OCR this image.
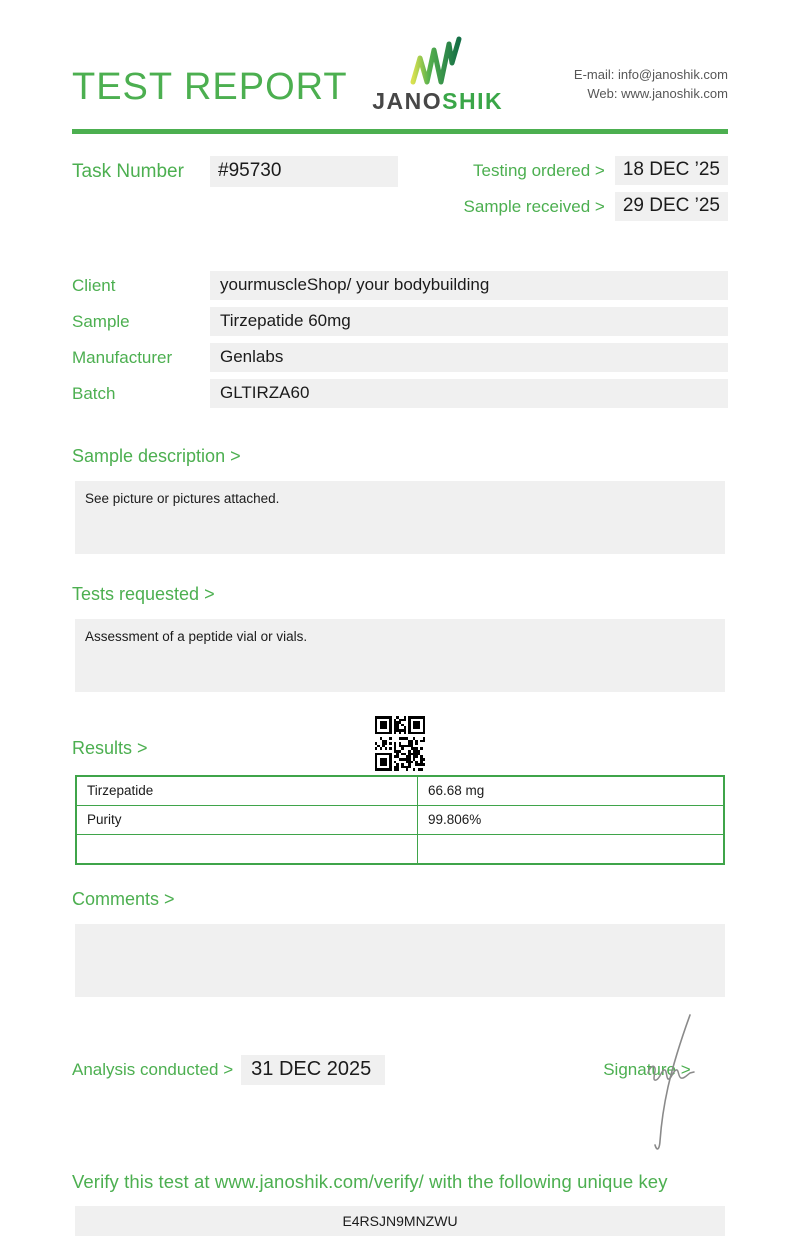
TEST REPORT	JANOSHIK
E-mail: info@janoshik.com
Web: www.janoshik.com
Task Number	#95730	Testing ordered > 18 DEC ’25
Sample received > 29 DEC ’25
Client	yourmuscleShop/ your bodybuilding
Sample	Tirzepatide 60mg
Manufacturer	Genlabs
Batch	GLTIRZA60
Sample description >
See picture or pictures attached.
Tests requested >
Assessment of a peptide vial or vials.
Results >
Tirzepatide	66.68 mg
Purity	99.806%

Comments >
Analysis conducted > 31 DEC 2025	Signature >
Verify this test at www.janoshik.com/verify/ with the following unique key
E4RSJN9MNZWU
